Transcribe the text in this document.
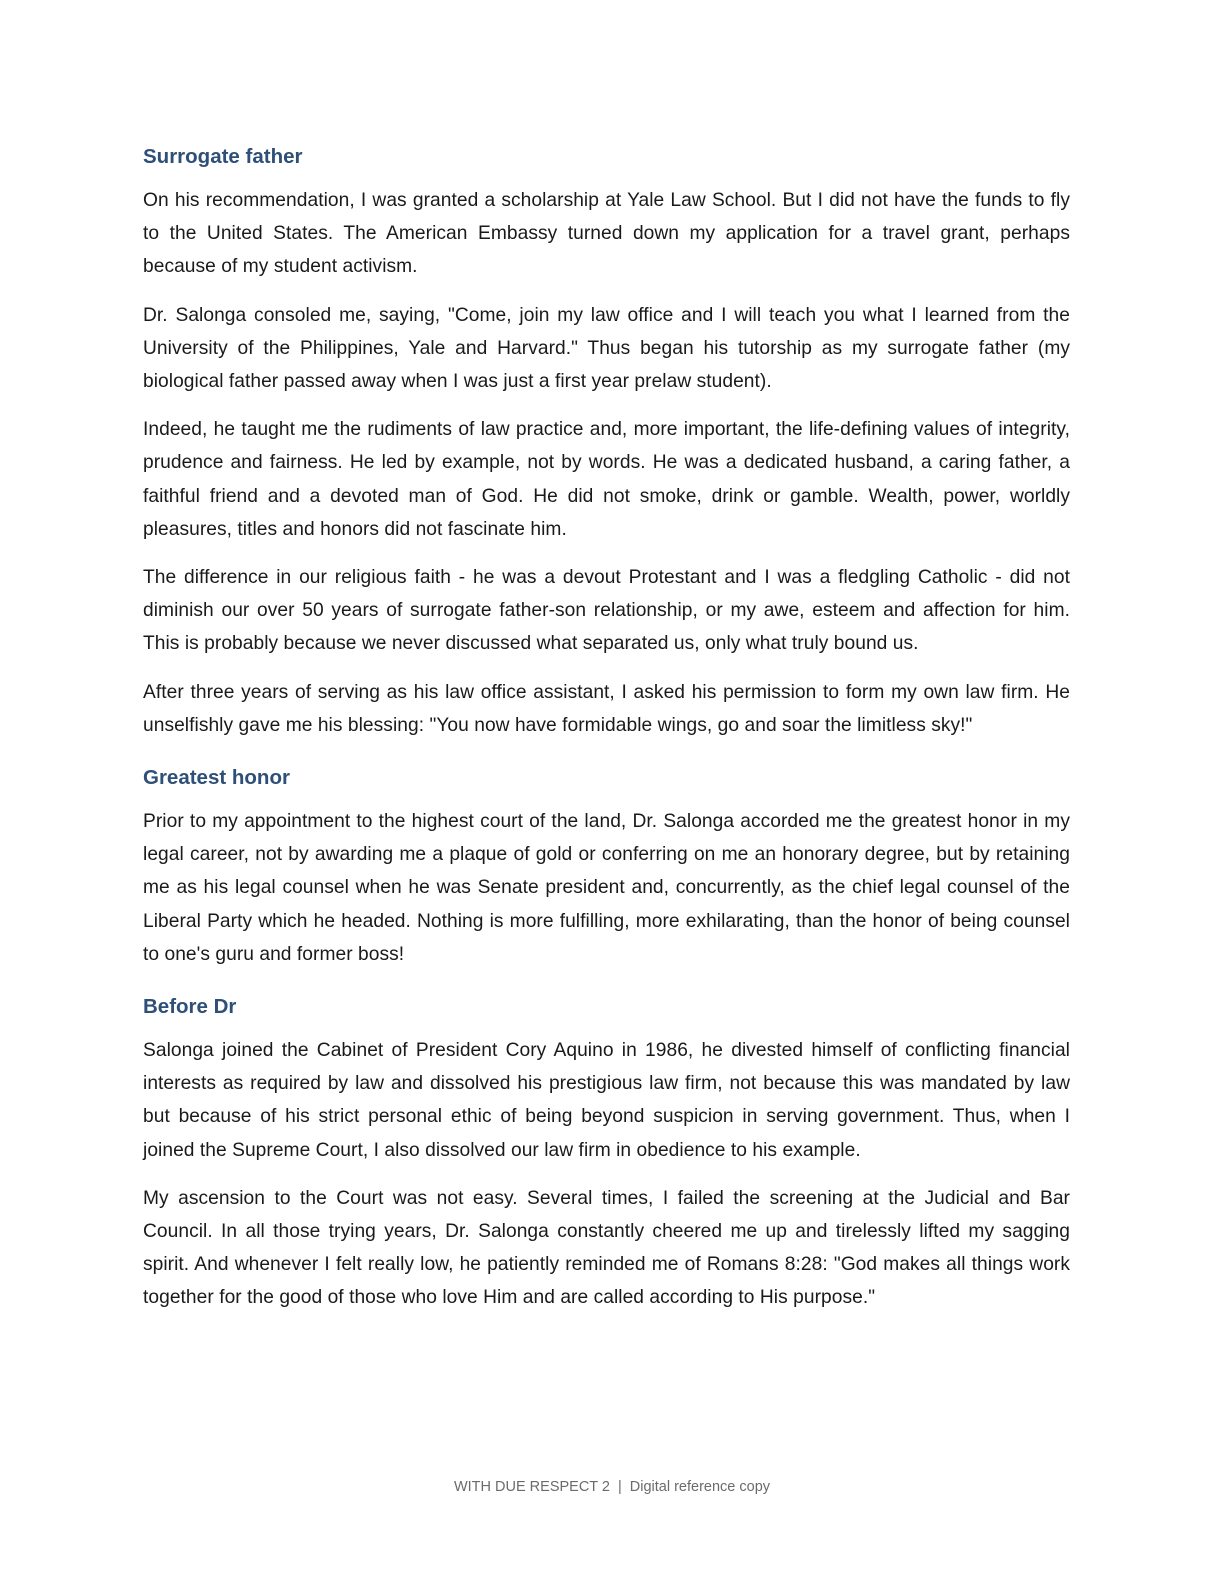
Surrogate father

On his recommendation, I was granted a scholarship at Yale Law School. But I did not have the funds to fly to the United States. The American Embassy turned down my application for a travel grant, perhaps because of my student activism.

Dr. Salonga consoled me, saying, "Come, join my law office and I will teach you what I learned from the University of the Philippines, Yale and Harvard." Thus began his tutorship as my surrogate father (my biological father passed away when I was just a first year prelaw student).

Indeed, he taught me the rudiments of law practice and, more important, the life-defining values of integrity, prudence and fairness. He led by example, not by words. He was a dedicated husband, a caring father, a faithful friend and a devoted man of God. He did not smoke, drink or gamble. Wealth, power, worldly pleasures, titles and honors did not fascinate him.

The difference in our religious faith - he was a devout Protestant and I was a fledgling Catholic - did not diminish our over 50 years of surrogate father-son relationship, or my awe, esteem and affection for him. This is probably because we never discussed what separated us, only what truly bound us.

After three years of serving as his law office assistant, I asked his permission to form my own law firm. He unselfishly gave me his blessing: "You now have formidable wings, go and soar the limitless sky!"

Greatest honor

Prior to my appointment to the highest court of the land, Dr. Salonga accorded me the greatest honor in my legal career, not by awarding me a plaque of gold or conferring on me an honorary degree, but by retaining me as his legal counsel when he was Senate president and, concurrently, as the chief legal counsel of the Liberal Party which he headed. Nothing is more fulfilling, more exhilarating, than the honor of being counsel to one's guru and former boss!

Before Dr

Salonga joined the Cabinet of President Cory Aquino in 1986, he divested himself of conflicting financial interests as required by law and dissolved his prestigious law firm, not because this was mandated by law but because of his strict personal ethic of being beyond suspicion in serving government. Thus, when I joined the Supreme Court, I also dissolved our law firm in obedience to his example.

My ascension to the Court was not easy. Several times, I failed the screening at the Judicial and Bar Council. In all those trying years, Dr. Salonga constantly cheered me up and tirelessly lifted my sagging spirit. And whenever I felt really low, he patiently reminded me of Romans 8:28: "God makes all things work together for the good of those who love Him and are called according to His purpose."

WITH DUE RESPECT 2 | Digital reference copy
